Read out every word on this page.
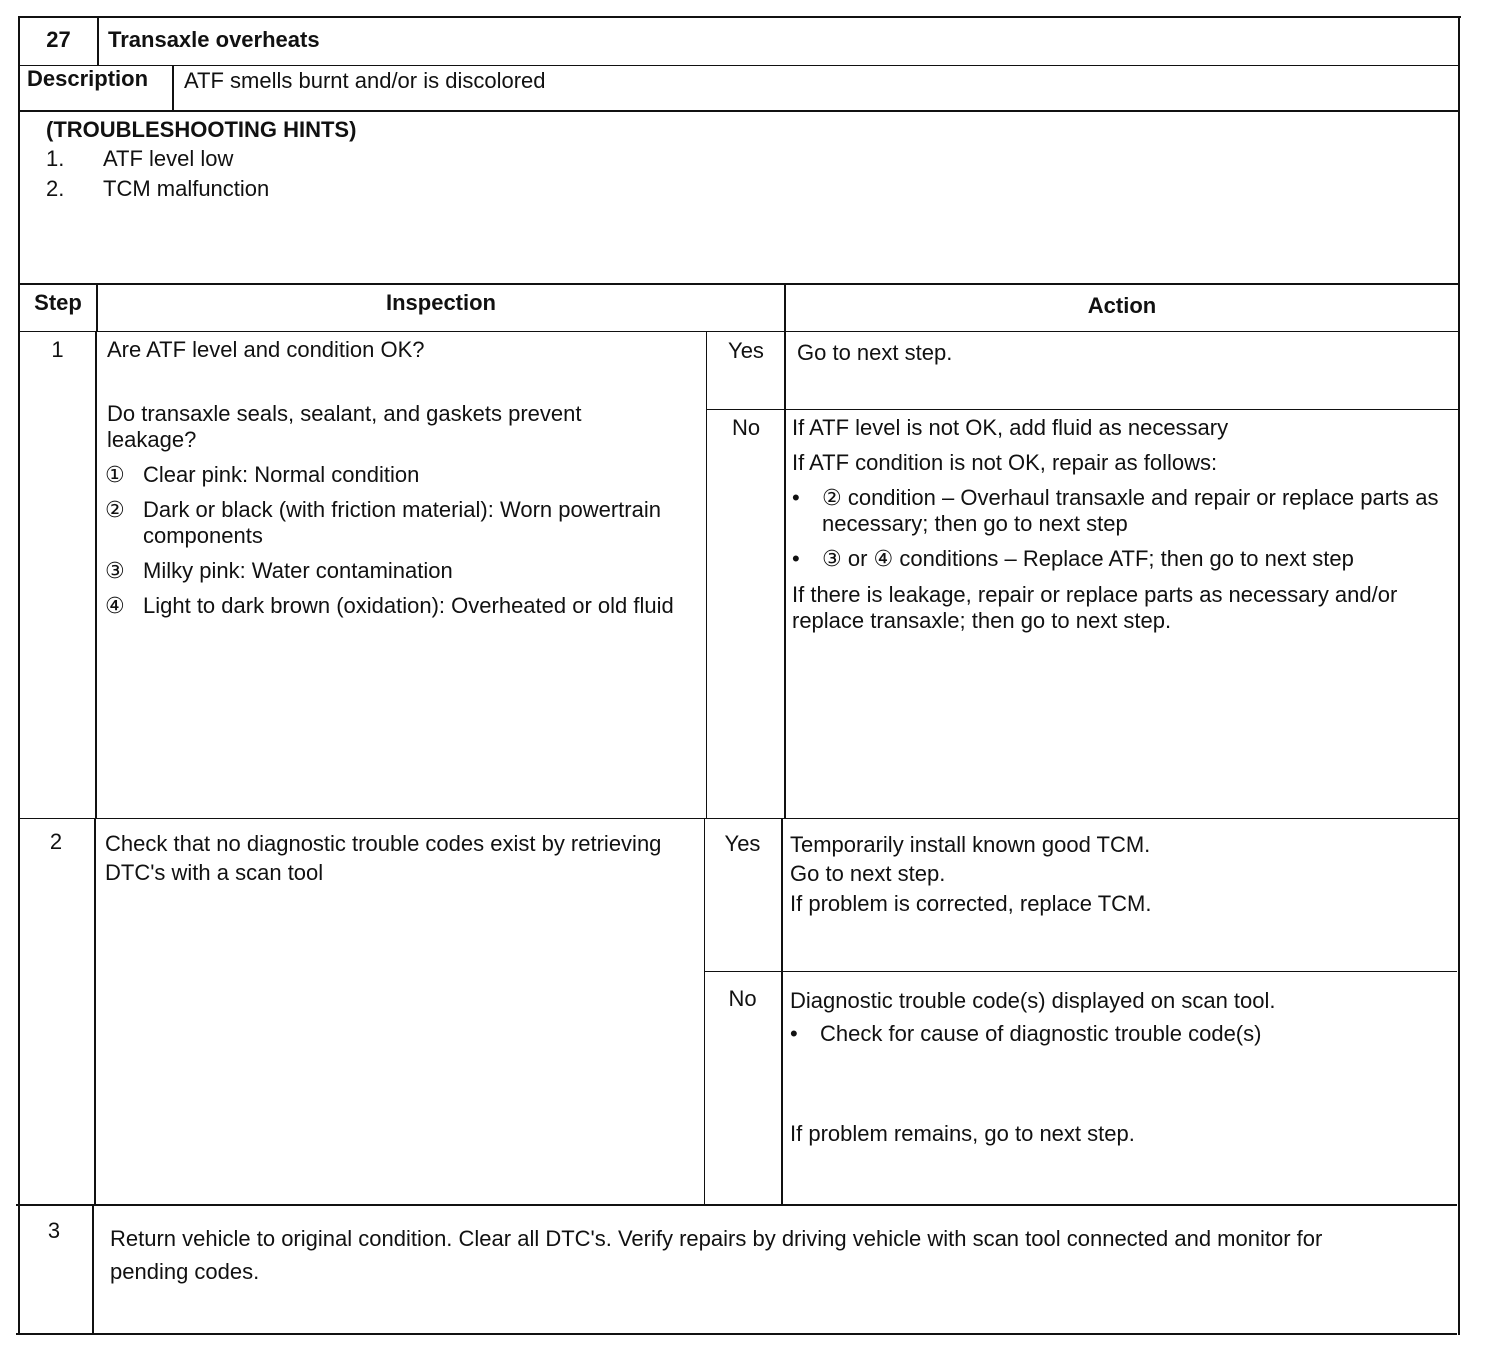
27	Transaxle overheats
Description ATF smells burnt and/or is discolored
(TROUBLESHOOTING HINTS)
1. ATF level low
2. TCM malfunction
Step	Inspection	Action
1	Are ATF level and condition OK?
Do transaxle seals, sealant, and gaskets prevent leakage?
① Clear pink: Normal condition
② Dark or black (with friction material): Worn powertrain components
③ Milky pink: Water contamination
④ Light to dark brown (oxidation): Overheated or old fluid
Yes	Go to next step.
No	If ATF level is not OK, add fluid as necessary
If ATF condition is not OK, repair as follows:
•	② condition – Overhaul transaxle and repair or replace parts as necessary; then go to next step
•	③ or ④ conditions – Replace ATF; then go to next step
If there is leakage, repair or replace parts as necessary and/or replace transaxle; then go to next step.
2	Check that no diagnostic trouble codes exist by retrieving DTC's with a scan tool
Yes	Temporarily install known good TCM.
Go to next step.
If problem is corrected, replace TCM.
No	Diagnostic trouble code(s) displayed on scan tool.
•	Check for cause of diagnostic trouble code(s)
If problem remains, go to next step.
3	Return vehicle to original condition. Clear all DTC's. Verify repairs by driving vehicle with scan tool connected and monitor for pending codes.
